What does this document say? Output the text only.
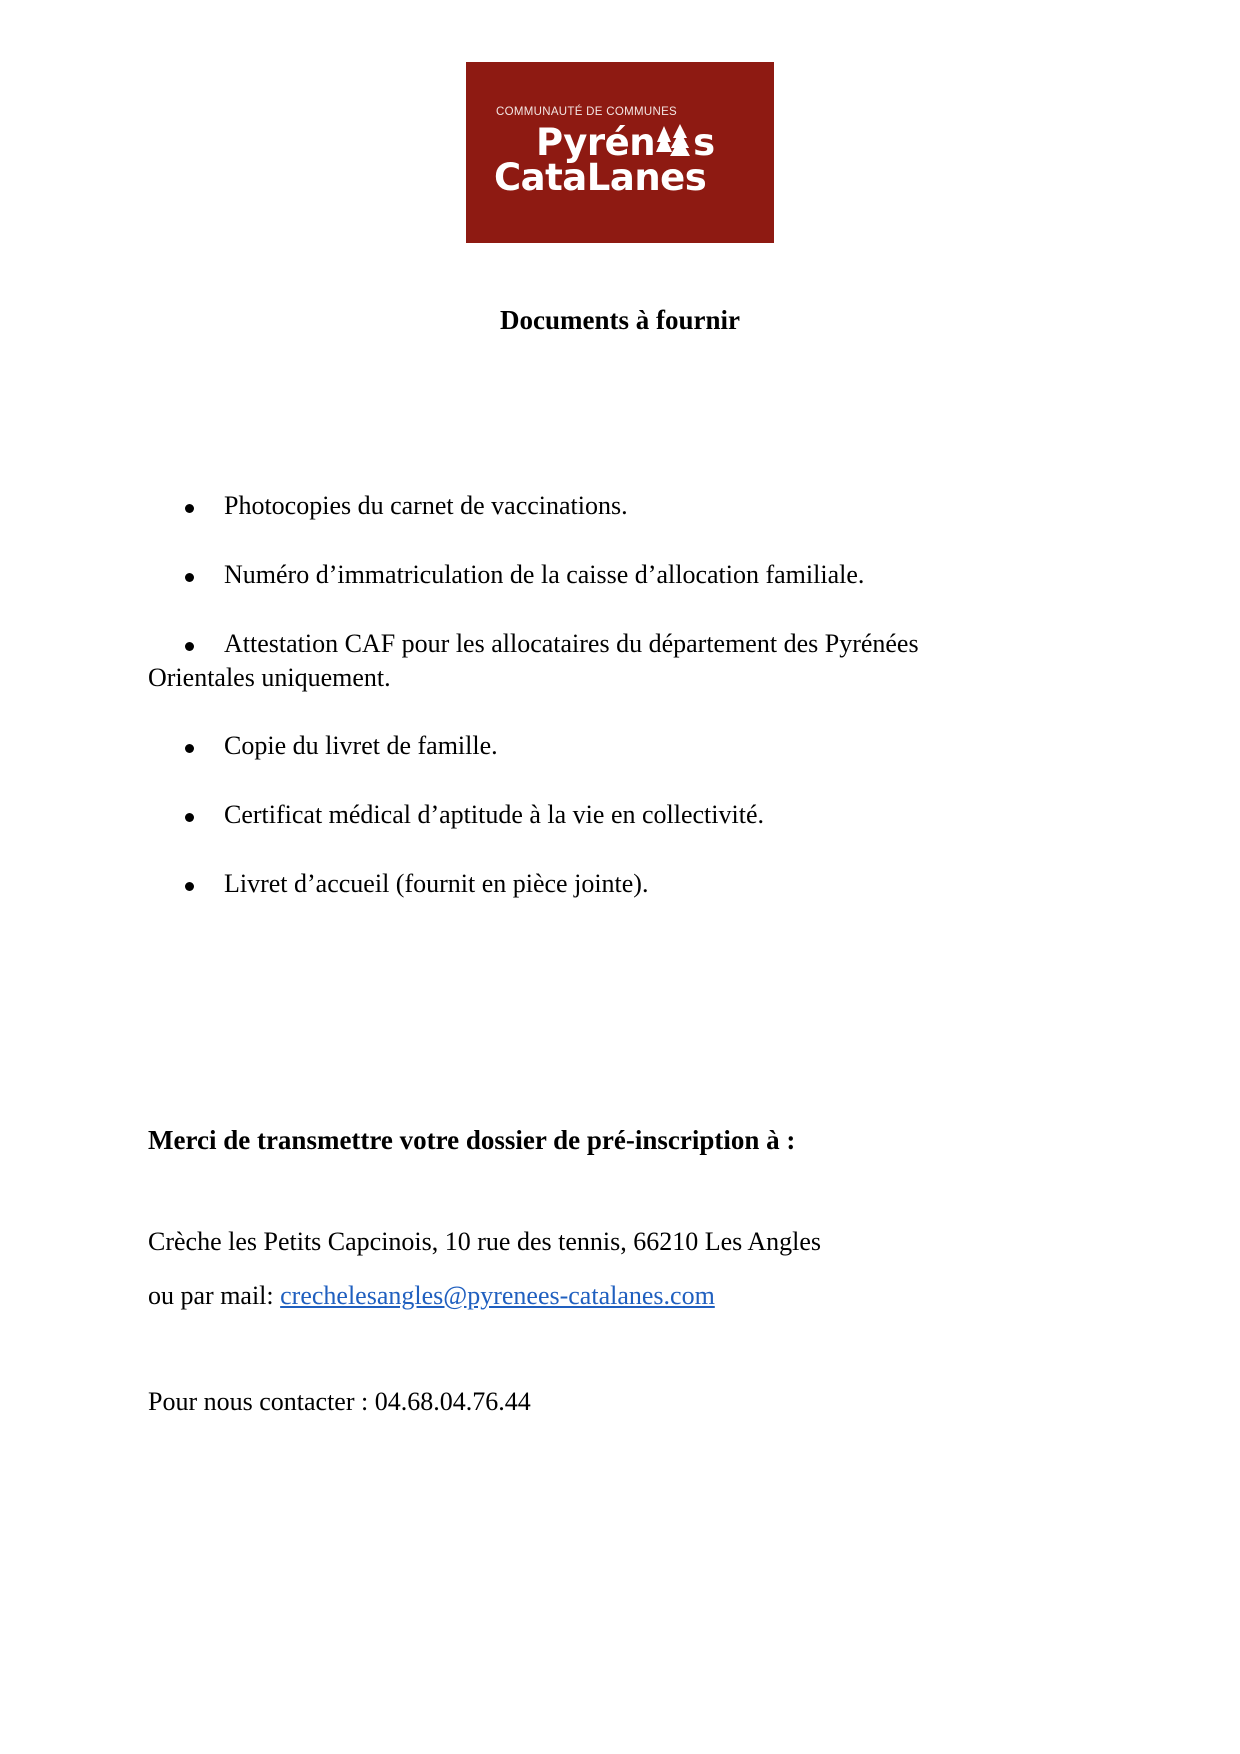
COMMUNAUTÉ DE COMMUNES
Pyrén s
CataLanes
Documents à fournir
Photocopies du carnet de vaccinations.
Numéro d’immatriculation de la caisse d’allocation familiale.
Attestation CAF pour les allocataires du département des Pyrénées Orientales uniquement.
Copie du livret de famille.
Certificat médical d’aptitude à la vie en collectivité.
Livret d’accueil (fournit en pièce jointe).
Merci de transmettre votre dossier de pré-inscription à :
Crèche les Petits Capcinois, 10 rue des tennis, 66210 Les Angles
ou par mail: crechelesangles@pyrenees-catalanes.com
Pour nous contacter : 04.68.04.76.44
